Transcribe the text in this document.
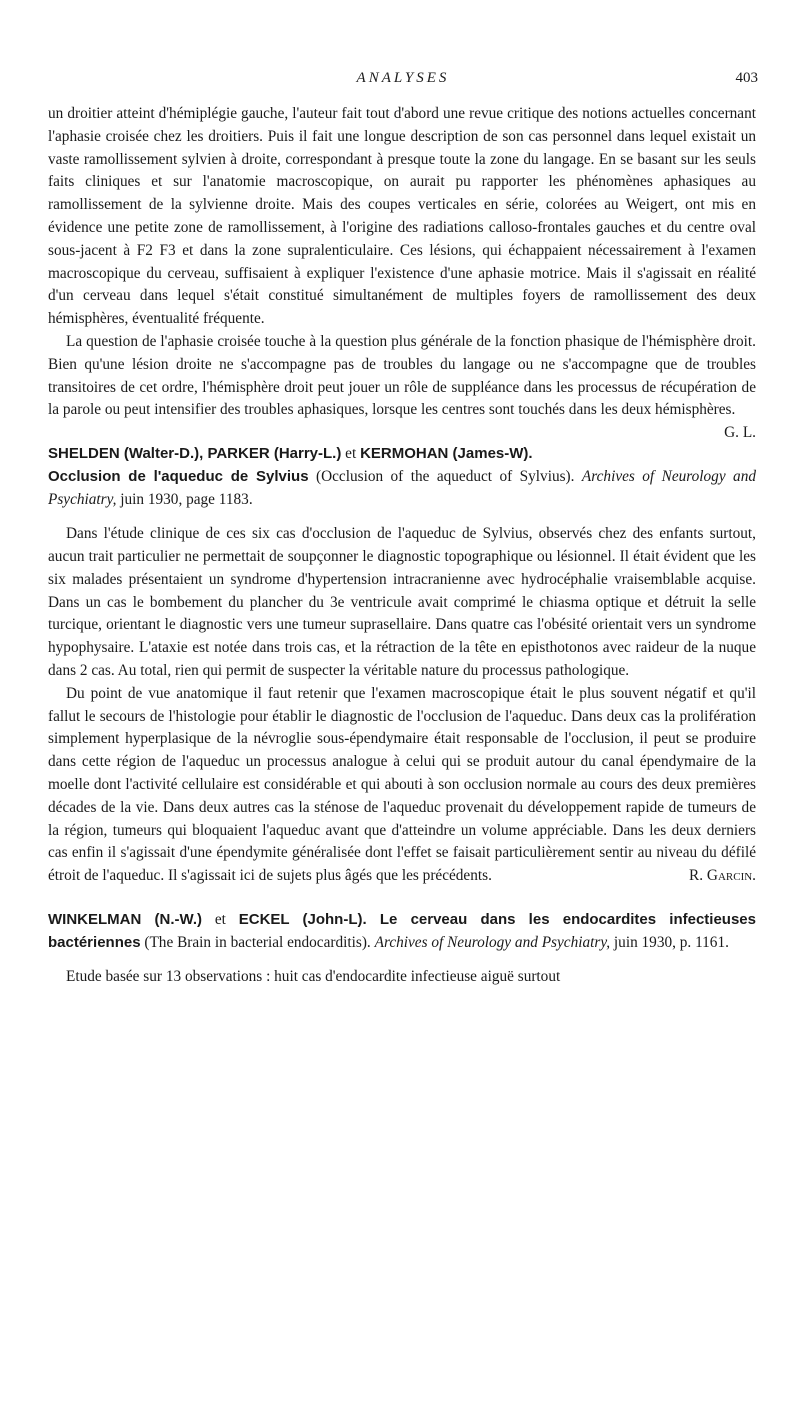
ANALYSES	403

un droitier atteint d'hémiplégie gauche, l'auteur fait tout d'abord une revue critique des notions actuelles concernant l'aphasie croisée chez les droitiers. Puis il fait une longue description de son cas personnel dans lequel existait un vaste ramollissement sylvien à droite, correspondant à presque toute la zone du langage. En se basant sur les seuls faits cliniques et sur l'anatomie macroscopique, on aurait pu rapporter les phénomènes aphasiques au ramollissement de la sylvienne droite. Mais des coupes verticales en série, colorées au Weigert, ont mis en évidence une petite zone de ramollissement, à l'origine des radiations calloso-frontales gauches et du centre oval sous-jacent à F2 F3 et dans la zone supralenticulaire. Ces lésions, qui échappaient nécessairement à l'examen macroscopique du cerveau, suffisaient à expliquer l'existence d'une aphasie motrice. Mais il s'agissait en réalité d'un cerveau dans lequel s'était constitué simultanément de multiples foyers de ramollissement des deux hémisphères, éventualité fréquente.

La question de l'aphasie croisée touche à la question plus générale de la fonction phasique de l'hémisphère droit. Bien qu'une lésion droite ne s'accompagne pas de troubles du langage ou ne s'accompagne que de troubles transitoires de cet ordre, l'hémisphère droit peut jouer un rôle de suppléance dans les processus de récupération de la parole ou peut intensifier des troubles aphasiques, lorsque les centres sont touchés dans les deux hémisphères.
G. L.

SHELDEN (Walter-D.), PARKER (Harry-L.) et KERMOHAN (James-W).
Occlusion de l'aqueduc de Sylvius (Occlusion of the aqueduct of Sylvius). Archives of Neurology and Psychiatry, juin 1930, page 1183.

Dans l'étude clinique de ces six cas d'occlusion de l'aqueduc de Sylvius, observés chez des enfants surtout, aucun trait particulier ne permettait de soupçonner le diagnostic topographique ou lésionnel. Il était évident que les six malades présentaient un syndrome d'hypertension intracranienne avec hydrocéphalie vraisemblable acquise. Dans un cas le bombement du plancher du 3e ventricule avait comprimé le chiasma optique et détruit la selle turcique, orientant le diagnostic vers une tumeur suprasellaire. Dans quatre cas l'obésité orientait vers un syndrome hypophysaire. L'ataxie est notée dans trois cas, et la rétraction de la tête en episthotonos avec raideur de la nuque dans 2 cas. Au total, rien qui permit de suspecter la véritable nature du processus pathologique.

Du point de vue anatomique il faut retenir que l'examen macroscopique était le plus souvent négatif et qu'il fallut le secours de l'histologie pour établir le diagnostic de l'occlusion de l'aqueduc. Dans deux cas la prolifération simplement hyperplasique de la névroglie sous-épendymaire était responsable de l'occlusion, il peut se produire dans cette région de l'aqueduc un processus analogue à celui qui se produit autour du canal épendymaire de la moelle dont l'activité cellulaire est considérable et qui abouti à son occlusion normale au cours des deux premières décades de la vie. Dans deux autres cas la sténose de l'aqueduc provenait du développement rapide de tumeurs de la région, tumeurs qui bloquaient l'aqueduc avant que d'atteindre un volume appréciable. Dans les deux derniers cas enfin il s'agissait d'une épendymite généralisée dont l'effet se faisait particulièrement sentir au niveau du défilé étroit de l'aqueduc. Il s'agissait ici de sujets plus âgés que les précédents.	R. Garcin.

WINKELMAN (N.-W.) et ECKEL (John-L). Le cerveau dans les endocardites infectieuses bactériennes (The Brain in bacterial endocarditis). Archives of Neurology and Psychiatry, juin 1930, p. 1161.

Etude basée sur 13 observations : huit cas d'endocardite infectieuse aiguë surtout
